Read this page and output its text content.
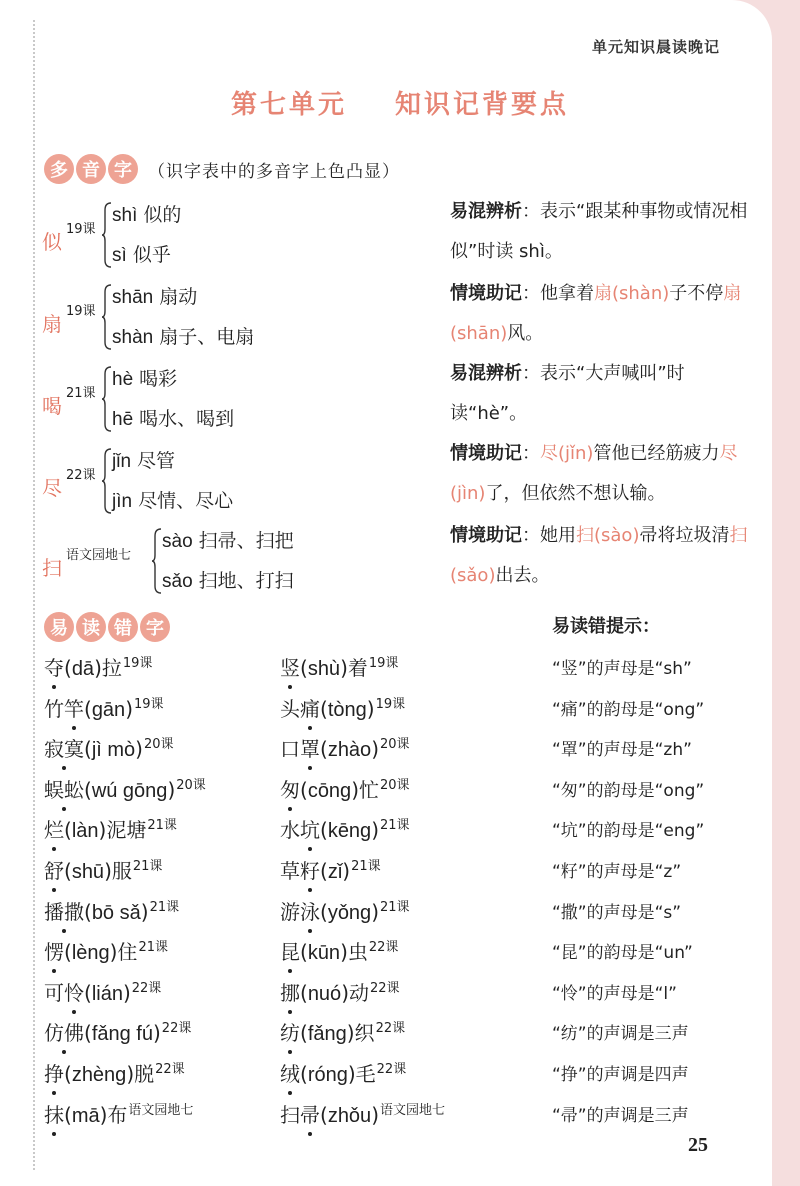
单元知识晨读晚记
第七单元 知识记背要点
多 音 字 （识字表中的多音字上色凸显）
似
19课
shì 似的
sì 似乎
扇
19课
shān 扇动
shàn 扇子、电扇
喝
21课
hè 喝彩
hē 喝水、喝到
尽
22课
jǐn 尽管
jìn 尽情、尽心
扫
语文园地七
sào 扫帚、扫把
sǎo 扫地、打扫
易混辨析：表示“跟某种事物或情况相似”时读 shì。
情境助记：他拿着扇(shàn)子不停扇(shān)风。
易混辨析：表示“大声喊叫”时读“hè”。
情境助记：尽(jǐn)管他已经筋疲力尽(jìn)了，但依然不想认输。
情境助记：她用扫(sào)帚将垃圾清扫(sǎo)出去。
易 读 错 字	易读错提示：
夺(dā)拉$^{19课}$
竹竿(gān)$^{19课}$
寂寞(jì mò)$^{20课}$
蜈蚣(wú gōng)$^{20课}$
烂(làn)泥塘$^{21课}$
舒(shū)服$^{21课}$
播撒(bō sǎ)$^{21课}$
愣(lèng)住$^{21课}$
可怜(lián)$^{22课}$
仿佛(fǎng fú)$^{22课}$
挣(zhèng)脱$^{22课}$
抹(mā)布$^{语文园地七}$
竖(shù)着$^{19课}$
头痛(tòng)$^{19课}$
口罩(zhào)$^{20课}$
匆(cōng)忙$^{20课}$
水坑(kēng)$^{21课}$
草籽(zǐ)$^{21课}$
游泳(yǒng)$^{21课}$
昆(kūn)虫$^{22课}$
挪(nuó)动$^{22课}$
纺(fǎng)织$^{22课}$
绒(róng)毛$^{22课}$
扫帚(zhǒu)$^{语文园地七}$
“竖”的声母是“sh”
“痛”的韵母是“ong”
“罩”的声母是“zh”
“匆”的韵母是“ong”
“坑”的韵母是“eng”
“籽”的声母是“z”
“撒”的声母是“s”
“昆”的韵母是“un”
“怜”的声母是“l”
“纺”的声调是三声
“挣”的声调是四声
“帚”的声调是三声
25
